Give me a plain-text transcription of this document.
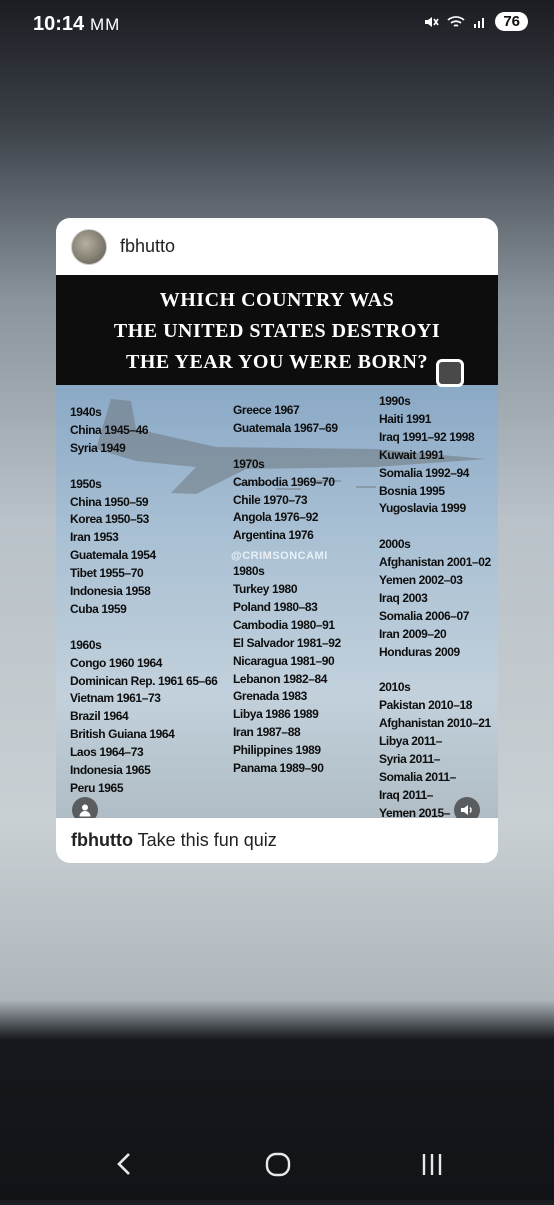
10:14 MM	76
fbhutto
WHICH COUNTRY WAS
THE UNITED STATES DESTROYI
THE YEAR YOU WERE BORN?
@CRIMSONCAMI
1940s
China 1945–46
Syria 1949
1950s
China 1950–59
Korea 1950–53
Iran 1953
Guatemala 1954
Tibet 1955–70
Indonesia 1958
Cuba 1959
1960s
Congo 1960 1964
Dominican Rep. 1961 65–66
Vietnam 1961–73
Brazil 1964
British Guiana 1964
Laos 1964–73
Indonesia 1965
Peru 1965
Greece 1967
Guatemala 1967–69
1970s
Cambodia 1969–70
Chile 1970–73
Angola 1976–92
Argentina 1976
1980s
Turkey 1980
Poland 1980–83
Cambodia 1980–91
El Salvador 1981–92
Nicaragua 1981–90
Lebanon 1982–84
Grenada 1983
Libya 1986 1989
Iran 1987–88
Philippines 1989
Panama 1989–90
1990s
Haiti 1991
Iraq 1991–92 1998
Kuwait 1991
Somalia 1992–94
Bosnia 1995
Yugoslavia 1999
2000s
Afghanistan 2001–02
Yemen 2002–03
Iraq 2003
Somalia 2006–07
Iran 2009–20
Honduras 2009
2010s
Pakistan 2010–18
Afghanistan 2010–21
Libya 2011–
Syria 2011–
Somalia 2011–
Iraq 2011–
Yemen 2015–
fbhutto Take this fun quiz
